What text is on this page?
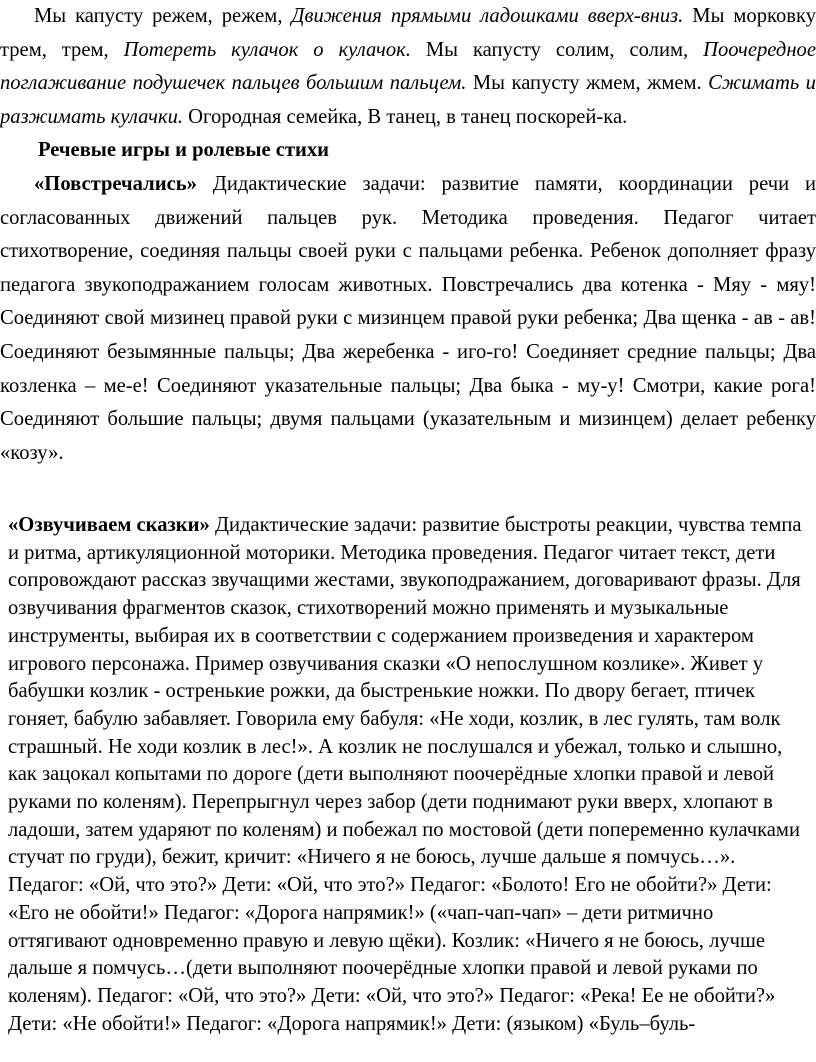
Мы капусту режем, режем, Движения прямыми ладошками вверх-вниз. Мы морковку трем, трем, Потереть кулачок о кулачок. Мы капусту солим, солим, Поочередное поглаживание подушечек пальцев большим пальцем. Мы капусту жмем, жмем. Сжимать и разжимать кулачки. Огородная семейка, В танец, в танец поскорей-ка.

Речевые игры и ролевые стихи

«Повстречались» Дидактические задачи: развитие памяти, координации речи и согласованных движений пальцев рук. Методика проведения. Педагог читает стихотворение, соединяя пальцы своей руки с пальцами ребенка. Ребенок дополняет фразу педагога звукоподражанием голосам животных. Повстречались два котенка - Мяу - мяу! Соединяют свой мизинец правой руки с мизинцем правой руки ребенка; Два щенка - ав - ав! Соединяют безымянные пальцы; Два жеребенка - иго-го! Соединяет средние пальцы; Два козленка – ме-е! Соединяют указательные пальцы; Два быка - му-у! Смотри, какие рога! Соединяют большие пальцы; двумя пальцами (указательным и мизинцем) делает ребенку «козу».

«Озвучиваем сказки» Дидактические задачи: развитие быстроты реакции, чувства темпа и ритма, артикуляционной моторики. Методика проведения. Педагог читает текст, дети сопровождают рассказ звучащими жестами, звукоподражанием, договаривают фразы. Для озвучивания фрагментов сказок, стихотворений можно применять и музыкальные инструменты, выбирая их в соответствии с содержанием произведения и характером игрового персонажа. Пример озвучивания сказки «О непослушном козлике». Живет у бабушки козлик - остренькие рожки, да быстренькие ножки. По двору бегает, птичек гоняет, бабулю забавляет. Говорила ему бабуля: «Не ходи, козлик, в лес гулять, там волк страшный. Не ходи козлик в лес!». А козлик не послушался и убежал, только и слышно, как зацокал копытами по дороге (дети выполняют поочерёдные хлопки правой и левой руками по коленям). Перепрыгнул через забор (дети поднимают руки вверх, хлопают в ладоши, затем ударяют по коленям) и побежал по мостовой (дети попеременно кулачками стучат по груди), бежит, кричит: «Ничего я не боюсь, лучше дальше я помчусь…». Педагог: «Ой, что это?» Дети: «Ой, что это?» Педагог: «Болото! Его не обойти?» Дети: «Его не обойти!» Педагог: «Дорога напрямик!» («чап-чап-чап» – дети ритмично оттягивают одновременно правую и левую щёки). Козлик: «Ничего я не боюсь, лучше дальше я помчусь…(дети выполняют поочерёдные хлопки правой и левой руками по коленям). Педагог: «Ой, что это?» Дети: «Ой, что это?» Педагог: «Река! Ее не обойти?» Дети: «Не обойти!» Педагог: «Дорога напрямик!» Дети: (языком) «Буль–буль-
